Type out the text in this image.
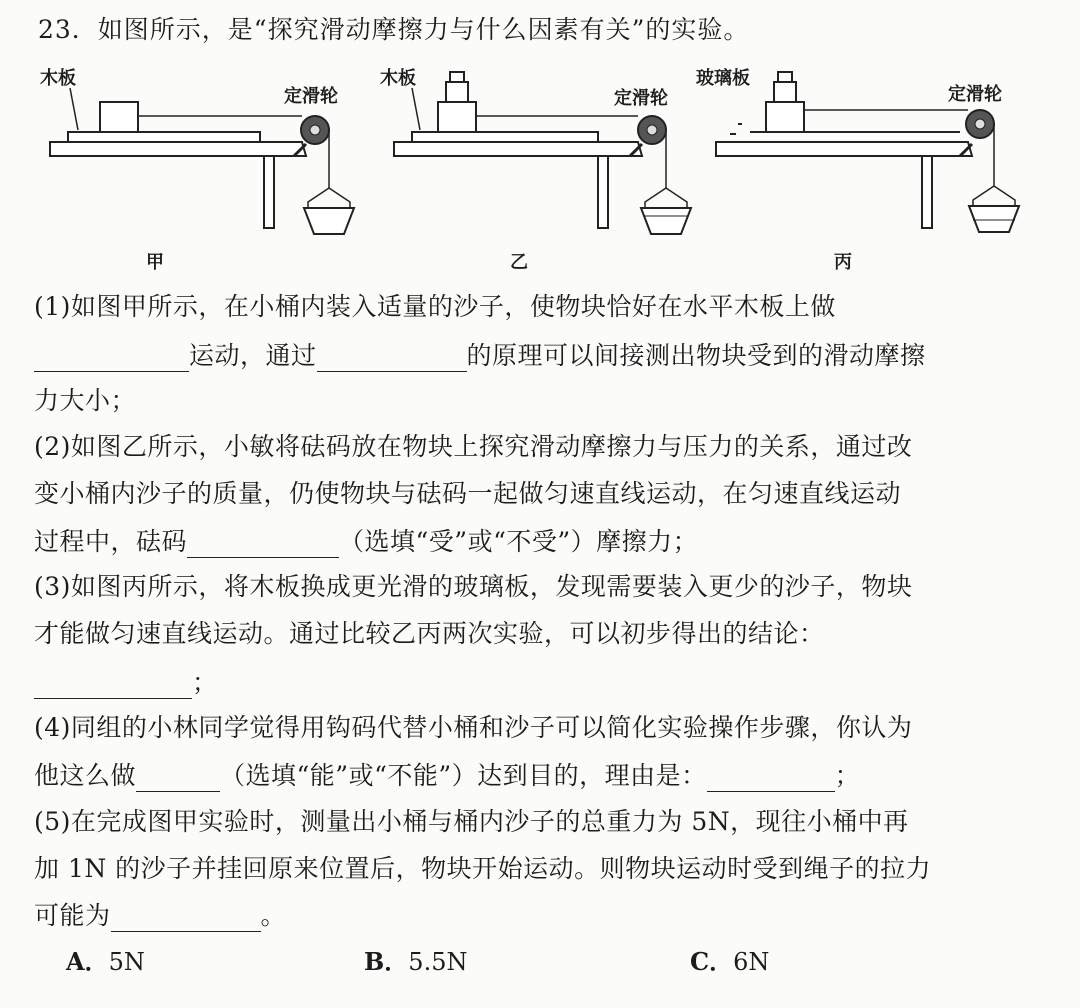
23．如图所示，是“探究滑动摩擦力与什么因素有关”的实验。
木板
定滑轮
甲
木板
定滑轮
乙
玻璃板
定滑轮
丙
(1)如图甲所示，在小桶内装入适量的沙子，使物块恰好在水平木板上做
运动，通过	的原理可以间接测出物块受到的滑动摩擦
力大小；
(2)如图乙所示，小敏将砝码放在物块上探究滑动摩擦力与压力的关系，通过改
变小桶内沙子的质量，仍使物块与砝码一起做匀速直线运动，在匀速直线运动
过程中，砝码	（选填“受”或“不受”）摩擦力；
(3)如图丙所示，将木板换成更光滑的玻璃板，发现需要装入更少的沙子，物块
才能做匀速直线运动。通过比较乙丙两次实验，可以初步得出的结论：
；
(4)同组的小林同学觉得用钩码代替小桶和沙子可以简化实验操作步骤，你认为
他这么做	（选填“能”或“不能”）达到目的，理由是：	；
(5)在完成图甲实验时，测量出小桶与桶内沙子的总重力为 5N，现往小桶中再
加 1N 的沙子并挂回原来位置后，物块开始运动。则物块运动时受到绳子的拉力
可能为	。
A．5N	B．5.5N	C．6N
